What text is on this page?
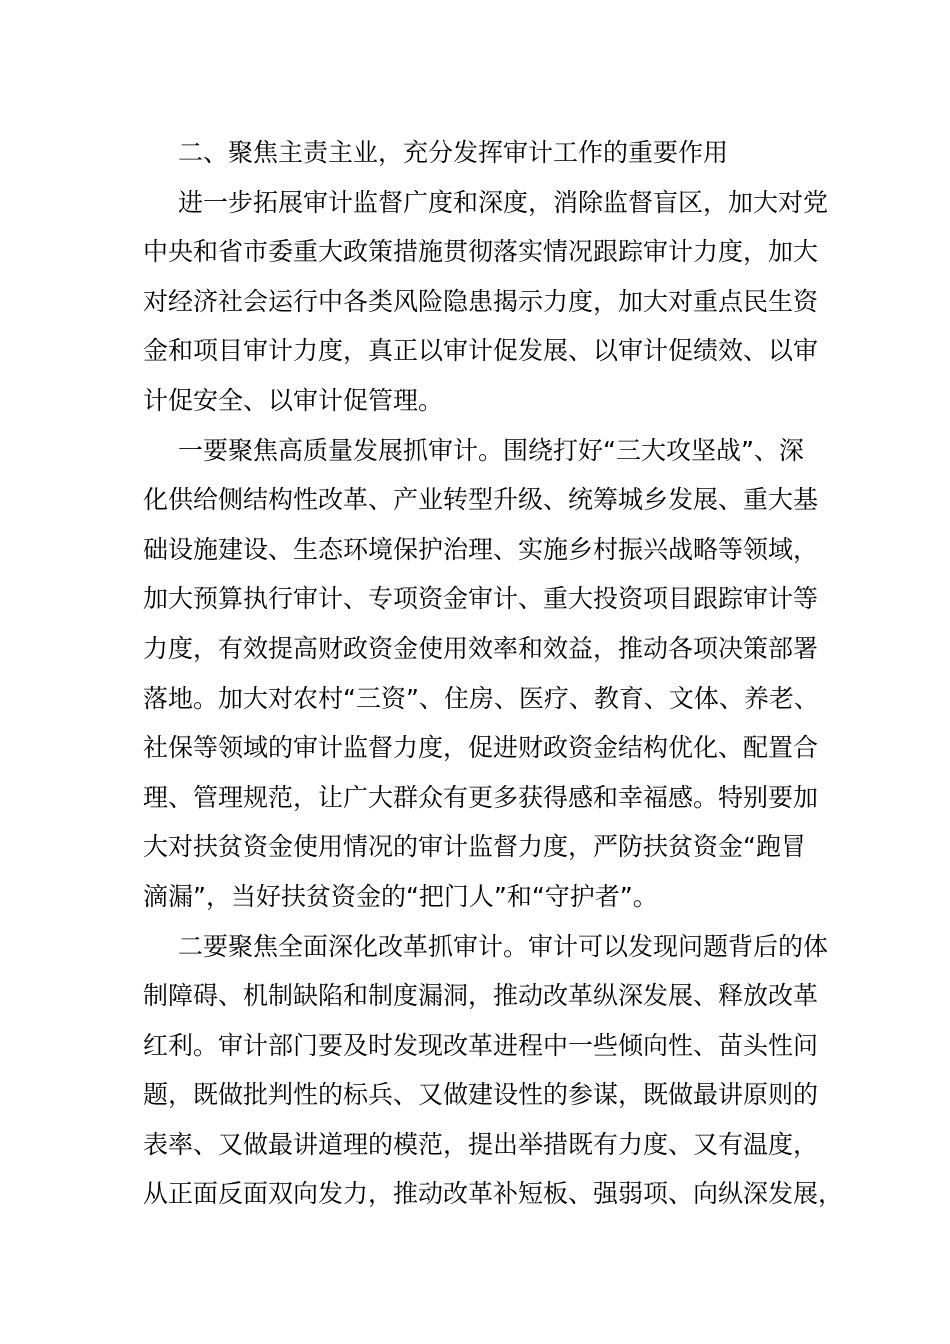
二、聚焦主责主业，充分发挥审计工作的重要作用
进一步拓展审计监督广度和深度，消除监督盲区，加大对党
中央和省市委重大政策措施贯彻落实情况跟踪审计力度，加大
对经济社会运行中各类风险隐患揭示力度，加大对重点民生资
金和项目审计力度，真正以审计促发展、以审计促绩效、以审
计促安全、以审计促管理。
一要聚焦高质量发展抓审计。围绕打好“三大攻坚战”、深
化供给侧结构性改革、产业转型升级、统筹城乡发展、重大基
础设施建设、生态环境保护治理、实施乡村振兴战略等领域，
加大预算执行审计、专项资金审计、重大投资项目跟踪审计等
力度，有效提高财政资金使用效率和效益，推动各项决策部署
落地。加大对农村“三资”、住房、医疗、教育、文体、养老、
社保等领域的审计监督力度，促进财政资金结构优化、配置合
理、管理规范，让广大群众有更多获得感和幸福感。特别要加
大对扶贫资金使用情况的审计监督力度，严防扶贫资金“跑冒
滴漏”，当好扶贫资金的“把门人”和“守护者”。
二要聚焦全面深化改革抓审计。审计可以发现问题背后的体
制障碍、机制缺陷和制度漏洞，推动改革纵深发展、释放改革
红利。审计部门要及时发现改革进程中一些倾向性、苗头性问
题，既做批判性的标兵、又做建设性的参谋，既做最讲原则的
表率、又做最讲道理的模范，提出举措既有力度、又有温度，
从正面反面双向发力，推动改革补短板、强弱项、向纵深发展，
